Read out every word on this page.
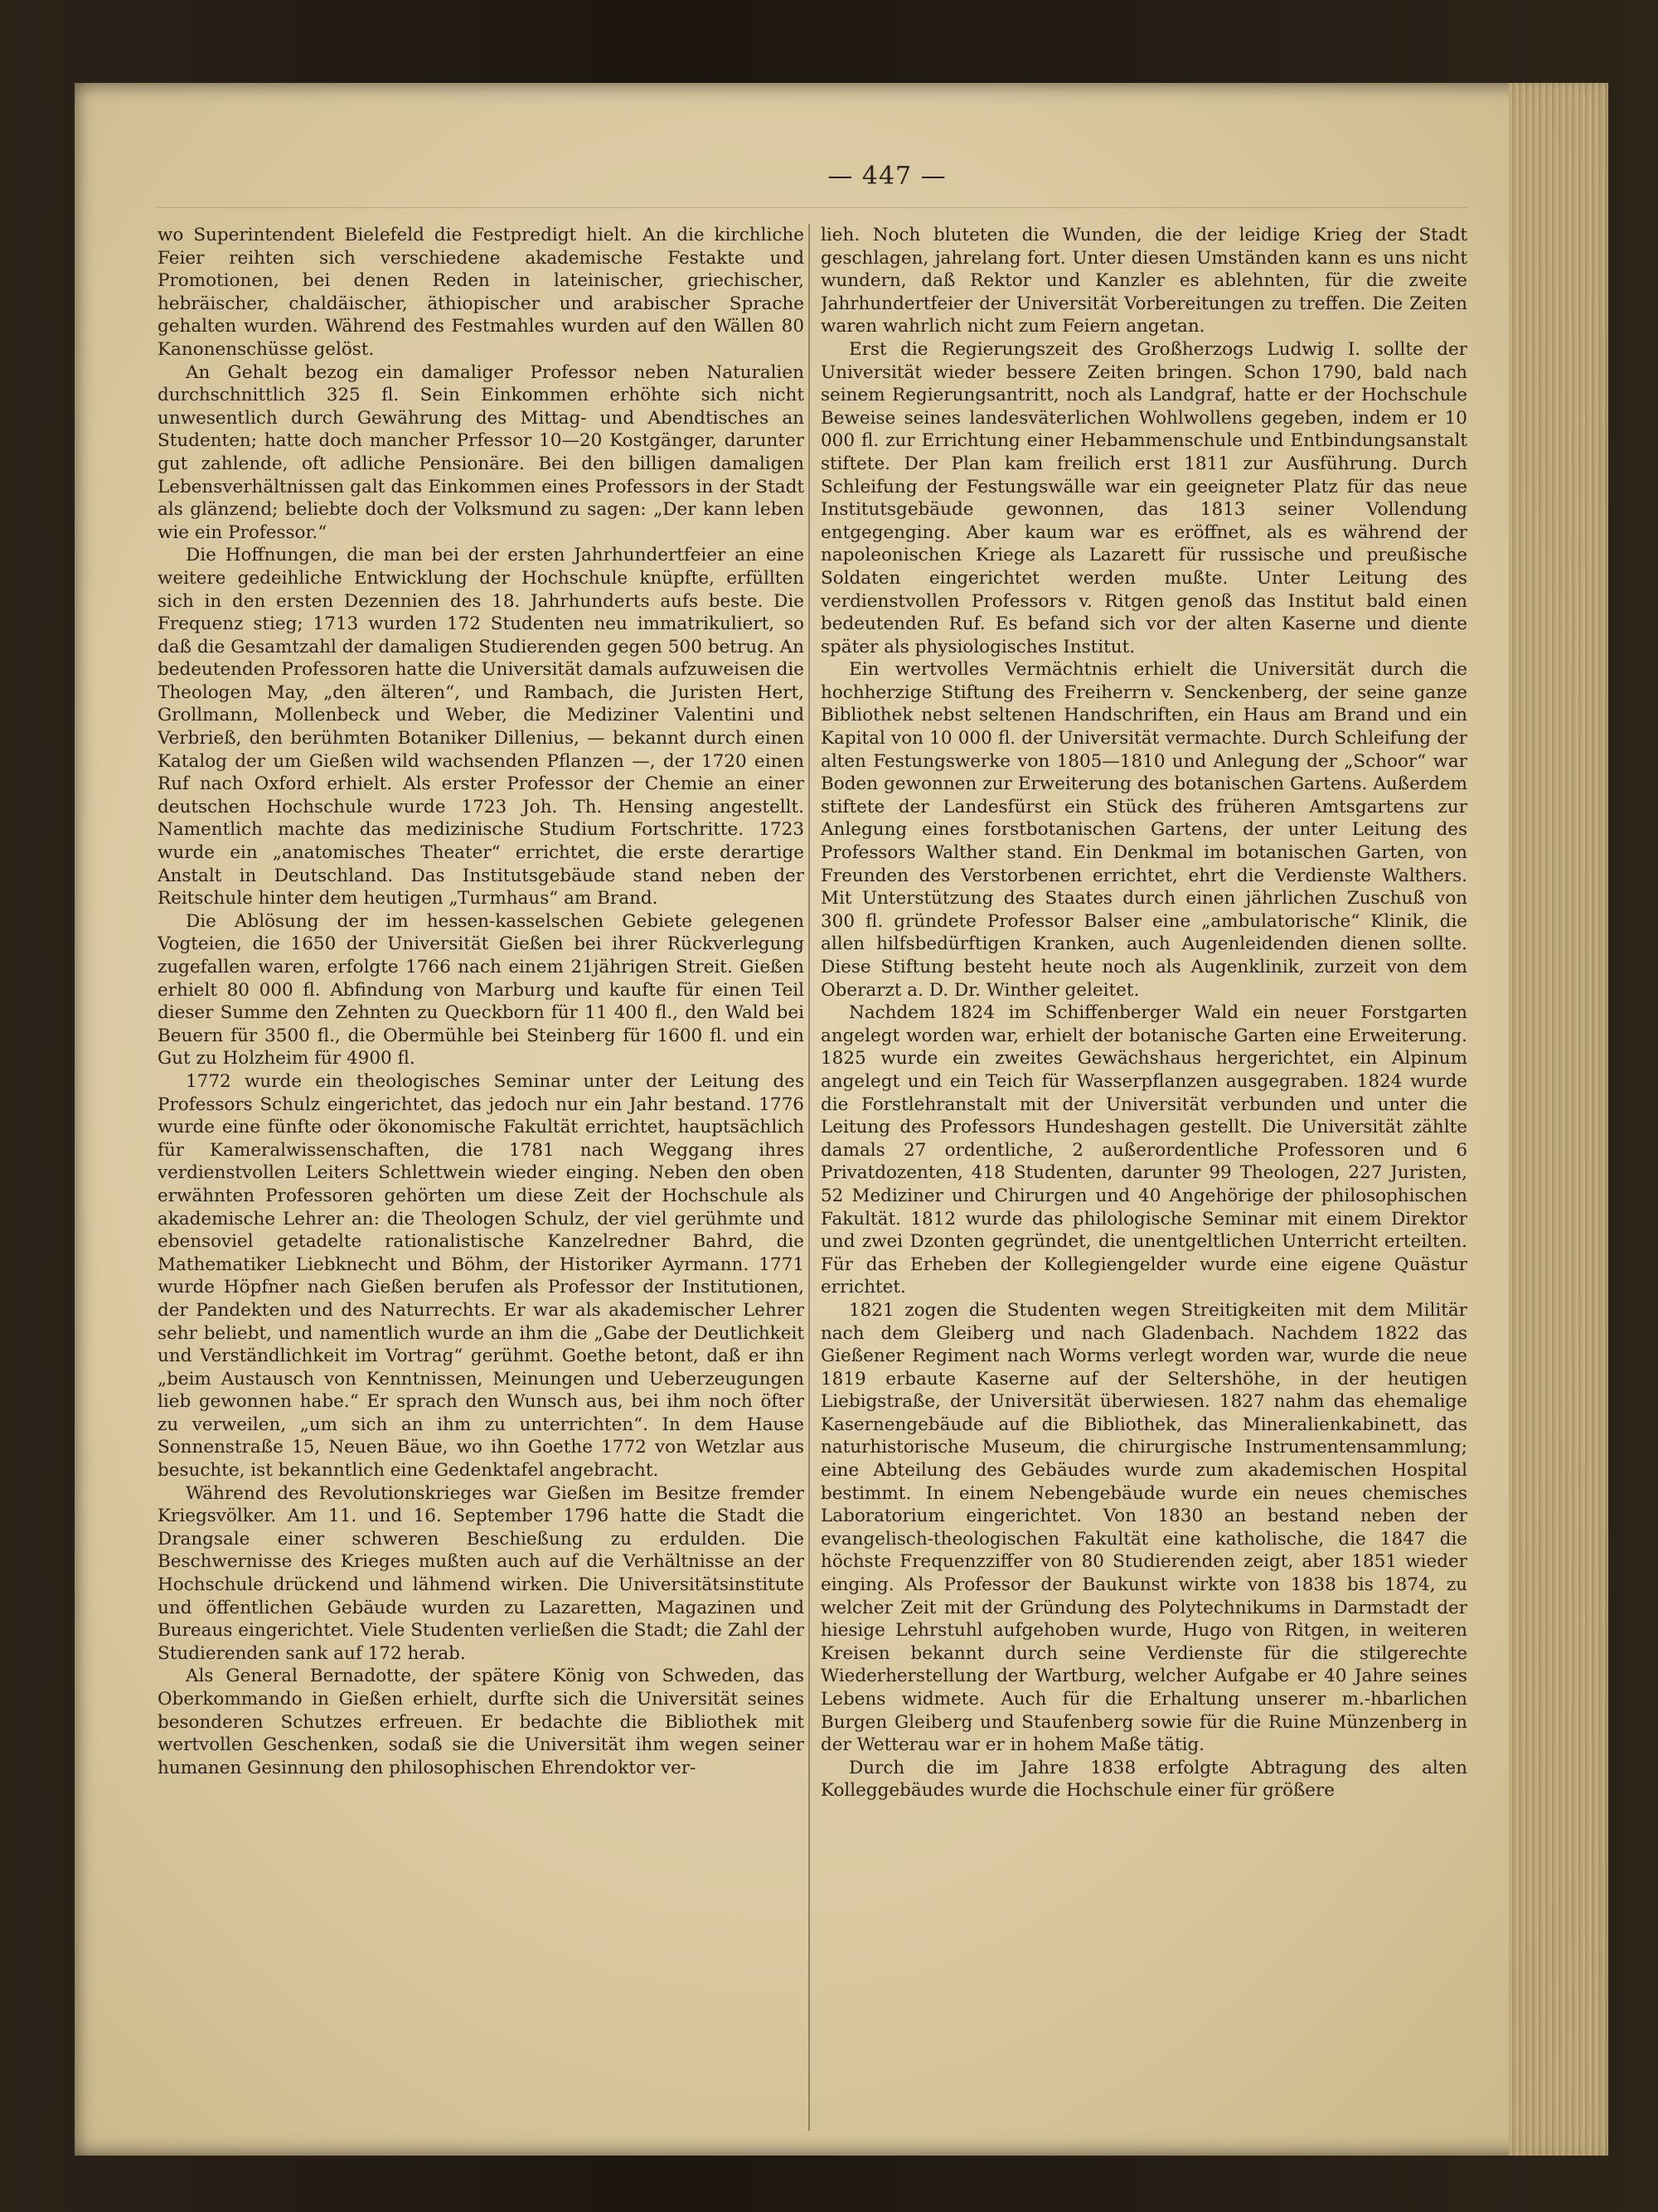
— 447 —

wo Superintendent Bielefeld die Festpredigt hielt. An die kirchliche Feier reihten sich verschiedene akademische Festakte und Promotionen, bei denen Reden in lateinischer, griechischer, hebräischer, chaldäischer, äthiopischer und arabischer Sprache gehalten wurden. Während des Festmahles wurden auf den Wällen 80 Kanonenschüsse gelöst.

An Gehalt bezog ein damaliger Professor neben Naturalien durchschnittlich 325 fl. Sein Einkommen erhöhte sich nicht unwesentlich durch Gewährung des Mittag- und Abendtisches an Studenten; hatte doch mancher Prfessor 10—20 Kostgänger, darunter gut zahlende, oft adliche Pensionäre. Bei den billigen damaligen Lebensverhältnissen galt das Einkommen eines Professors in der Stadt als glänzend; beliebte doch der Volksmund zu sagen: „Der kann leben wie ein Professor.“

Die Hoffnungen, die man bei der ersten Jahrhundertfeier an eine weitere gedeihliche Entwicklung der Hochschule knüpfte, erfüllten sich in den ersten Dezennien des 18. Jahrhunderts aufs beste. Die Frequenz stieg; 1713 wurden 172 Studenten neu immatrikuliert, so daß die Gesamtzahl der damaligen Studierenden gegen 500 betrug. An bedeutenden Professoren hatte die Universität damals aufzuweisen die Theologen May, „den älteren“, und Rambach, die Juristen Hert, Grollmann, Mollenbeck und Weber, die Mediziner Valentini und Verbrieß, den berühmten Botaniker Dillenius, — bekannt durch einen Katalog der um Gießen wild wachsenden Pflanzen —, der 1720 einen Ruf nach Oxford erhielt. Als erster Professor der Chemie an einer deutschen Hochschule wurde 1723 Joh. Th. Hensing angestellt. Namentlich machte das medizinische Studium Fortschritte. 1723 wurde ein „anatomisches Theater“ errichtet, die erste derartige Anstalt in Deutschland. Das Institutsgebäude stand neben der Reitschule hinter dem heutigen „Turmhaus“ am Brand.

Die Ablösung der im hessen-kasselschen Gebiete gelegenen Vogteien, die 1650 der Universität Gießen bei ihrer Rückverlegung zugefallen waren, erfolgte 1766 nach einem 21jährigen Streit. Gießen erhielt 80 000 fl. Abfindung von Marburg und kaufte für einen Teil dieser Summe den Zehnten zu Queckborn für 11 400 fl., den Wald bei Beuern für 3500 fl., die Obermühle bei Steinberg für 1600 fl. und ein Gut zu Holzheim für 4900 fl.

1772 wurde ein theologisches Seminar unter der Leitung des Professors Schulz eingerichtet, das jedoch nur ein Jahr bestand. 1776 wurde eine fünfte oder ökonomische Fakultät errichtet, hauptsächlich für Kameralwissenschaften, die 1781 nach Weggang ihres verdienstvollen Leiters Schlettwein wieder einging. Neben den oben erwähnten Professoren gehörten um diese Zeit der Hochschule als akademische Lehrer an: die Theologen Schulz, der viel gerühmte und ebensoviel getadelte rationalistische Kanzelredner Bahrd, die Mathematiker Liebknecht und Böhm, der Historiker Ayrmann. 1771 wurde Höpfner nach Gießen berufen als Professor der Institutionen, der Pandekten und des Naturrechts. Er war als akademischer Lehrer sehr beliebt, und namentlich wurde an ihm die „Gabe der Deutlichkeit und Verständlichkeit im Vortrag“ gerühmt. Goethe betont, daß er ihn „beim Austausch von Kenntnissen, Meinungen und Ueberzeugungen lieb gewonnen habe.“ Er sprach den Wunsch aus, bei ihm noch öfter zu verweilen, „um sich an ihm zu unterrichten“. In dem Hause Sonnenstraße 15, Neuen Bäue, wo ihn Goethe 1772 von Wetzlar aus besuchte, ist bekanntlich eine Gedenktafel angebracht.

Während des Revolutionskrieges war Gießen im Besitze fremder Kriegsvölker. Am 11. und 16. September 1796 hatte die Stadt die Drangsale einer schweren Beschießung zu erdulden. Die Beschwernisse des Krieges mußten auch auf die Verhältnisse an der Hochschule drückend und lähmend wirken. Die Universitätsinstitute und öffentlichen Gebäude wurden zu Lazaretten, Magazinen und Bureaus eingerichtet. Viele Studenten verließen die Stadt; die Zahl der Studierenden sank auf 172 herab.

Als General Bernadotte, der spätere König von Schweden, das Oberkommando in Gießen erhielt, durfte sich die Universität seines besonderen Schutzes erfreuen. Er bedachte die Bibliothek mit wertvollen Geschenken, sodaß sie die Universität ihm wegen seiner humanen Gesinnung den philosophischen Ehrendoktor ver-

lieh. Noch bluteten die Wunden, die der leidige Krieg der Stadt geschlagen, jahrelang fort. Unter diesen Umständen kann es uns nicht wundern, daß Rektor und Kanzler es ablehnten, für die zweite Jahrhundertfeier der Universität Vorbereitungen zu treffen. Die Zeiten waren wahrlich nicht zum Feiern angetan.

Erst die Regierungszeit des Großherzogs Ludwig I. sollte der Universität wieder bessere Zeiten bringen. Schon 1790, bald nach seinem Regierungsantritt, noch als Landgraf, hatte er der Hochschule Beweise seines landesväterlichen Wohlwollens gegeben, indem er 10 000 fl. zur Errichtung einer Hebammenschule und Entbindungsanstalt stiftete. Der Plan kam freilich erst 1811 zur Ausführung. Durch Schleifung der Festungswälle war ein geeigneter Platz für das neue Institutsgebäude gewonnen, das 1813 seiner Vollendung entgegenging. Aber kaum war es eröffnet, als es während der napoleonischen Kriege als Lazarett für russische und preußische Soldaten eingerichtet werden mußte. Unter Leitung des verdienstvollen Professors v. Ritgen genoß das Institut bald einen bedeutenden Ruf. Es befand sich vor der alten Kaserne und diente später als physiologisches Institut.

Ein wertvolles Vermächtnis erhielt die Universität durch die hochherzige Stiftung des Freiherrn v. Senckenberg, der seine ganze Bibliothek nebst seltenen Handschriften, ein Haus am Brand und ein Kapital von 10 000 fl. der Universität vermachte. Durch Schleifung der alten Festungswerke von 1805—1810 und Anlegung der „Schoor“ war Boden gewonnen zur Erweiterung des botanischen Gartens. Außerdem stiftete der Landesfürst ein Stück des früheren Amtsgartens zur Anlegung eines forstbotanischen Gartens, der unter Leitung des Professors Walther stand. Ein Denkmal im botanischen Garten, von Freunden des Verstorbenen errichtet, ehrt die Verdienste Walthers. Mit Unterstützung des Staates durch einen jährlichen Zuschuß von 300 fl. gründete Professor Balser eine „ambulatorische“ Klinik, die allen hilfsbedürftigen Kranken, auch Augenleidenden dienen sollte. Diese Stiftung besteht heute noch als Augenklinik, zurzeit von dem Oberarzt a. D. Dr. Winther geleitet.

Nachdem 1824 im Schiffenberger Wald ein neuer Forstgarten angelegt worden war, erhielt der botanische Garten eine Erweiterung. 1825 wurde ein zweites Gewächshaus hergerichtet, ein Alpinum angelegt und ein Teich für Wasserpflanzen ausgegraben. 1824 wurde die Forstlehranstalt mit der Universität verbunden und unter die Leitung des Professors Hundeshagen gestellt. Die Universität zählte damals 27 ordentliche, 2 außerordentliche Professoren und 6 Privatdozenten, 418 Studenten, darunter 99 Theologen, 227 Juristen, 52 Mediziner und Chirurgen und 40 Angehörige der philosophischen Fakultät. 1812 wurde das philologische Seminar mit einem Direktor und zwei Dzonten gegründet, die unentgeltlichen Unterricht erteilten. Für das Erheben der Kollegiengelder wurde eine eigene Quästur errichtet.

1821 zogen die Studenten wegen Streitigkeiten mit dem Militär nach dem Gleiberg und nach Gladenbach. Nachdem 1822 das Gießener Regiment nach Worms verlegt worden war, wurde die neue 1819 erbaute Kaserne auf der Seltershöhe, in der heutigen Liebigstraße, der Universität überwiesen. 1827 nahm das ehemalige Kasernengebäude auf die Bibliothek, das Mineralienkabinett, das naturhistorische Museum, die chirurgische Instrumentensammlung; eine Abteilung des Gebäudes wurde zum akademischen Hospital bestimmt. In einem Nebengebäude wurde ein neues chemisches Laboratorium eingerichtet. Von 1830 an bestand neben der evangelisch-theologischen Fakultät eine katholische, die 1847 die höchste Frequenzziffer von 80 Studierenden zeigt, aber 1851 wieder einging. Als Professor der Baukunst wirkte von 1838 bis 1874, zu welcher Zeit mit der Gründung des Polytechnikums in Darmstadt der hiesige Lehrstuhl aufgehoben wurde, Hugo von Ritgen, in weiteren Kreisen bekannt durch seine Verdienste für die stilgerechte Wiederherstellung der Wartburg, welcher Aufgabe er 40 Jahre seines Lebens widmete. Auch für die Erhaltung unserer m.-hbarlichen Burgen Gleiberg und Staufenberg sowie für die Ruine Münzenberg in der Wetterau war er in hohem Maße tätig.

Durch die im Jahre 1838 erfolgte Abtragung des alten Kolleggebäudes wurde die Hochschule einer für größere
